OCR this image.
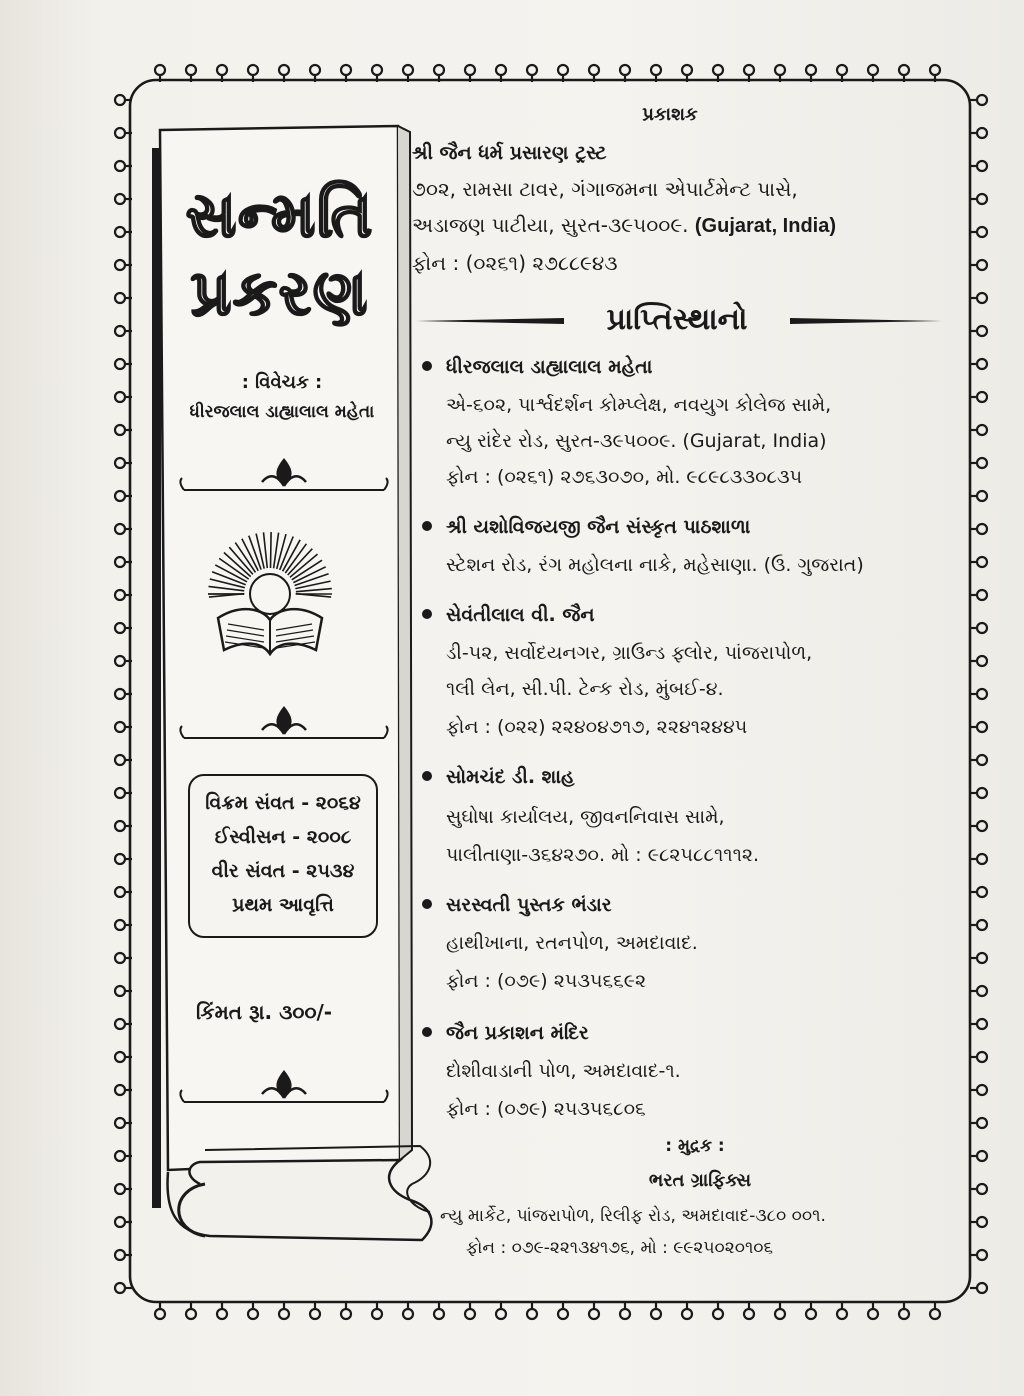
સન્મતિ
પ્રકરણ
: વિવેચક :
ધીરજલાલ ડાહ્યાલાલ મહેતા
વિક્રમ સંવત - ૨૦૬૪
ઈસ્વીસન - ૨૦૦૮
વીર સંવત - ૨૫૩૪
પ્રથમ આવૃત્તિ
કિંમત રૂા. ૩૦૦/-
પ્રકાશક
શ્રી જૈન ધર્મ પ્રસારણ ટ્રસ્ટ
૭૦૨, રામસા ટાવર, ગંગાજમના એપાર્ટમેન્ટ પાસે,
અડાજણ પાટીયા, સુરત-૩૯૫૦૦૯. (Gujarat, India)
ફોન : (૦૨૬૧) ૨૭૮૮૯૪૩
પ્રાપ્તિસ્થાનો
ધીરજલાલ ડાહ્યાલાલ મહેતા
એ-૬૦૨, પાર્શ્વદર્શન કોમ્પ્લેક્ષ, નવયુગ કોલેજ સામે,
ન્યુ રાંદેર રોડ, સુરત-૩૯૫૦૦૯. (Gujarat, India)
ફોન : (૦૨૬૧) ૨૭૬૩૦૭૦, મો. ૯૮૯૮૩૩૦૮૩૫
શ્રી યશોવિજયજી જૈન સંસ્કૃત પાઠશાળા
સ્ટેશન રોડ, રંગ મહોલના નાકે, મહેસાણા. (ઉ. ગુજરાત)
સેવંતીલાલ વી. જૈન
ડી-૫૨, સર્વોદયનગર, ગ્રાઉન્ડ ફ્લોર, પાંજરાપોળ,
૧લી લેન, સી.પી. ટેન્ક રોડ, મુંબઈ-૪.
ફોન : (૦૨૨) ૨૨૪૦૪૭૧૭, ૨૨૪૧૨૪૪૫
સોમચંદ ડી. શાહ
સુઘોષા કાર્યાલય, જીવનનિવાસ સામે,
પાલીતાણા-૩૬૪૨૭૦. મો : ૯૮૨૫૮૮૧૧૧૨.
સરસ્વતી પુસ્તક ભંડાર
હાથીખાના, રતનપોળ, અમદાવાદ.
ફોન : (૦૭૯) ૨૫૩૫૬૬૯૨
જૈન પ્રકાશન મંદિર
દોશીવાડાની પોળ, અમદાવાદ-૧.
ફોન : (૦૭૯) ૨૫૩૫૬૮૦૬
: મુદ્રક :
ભરત ગ્રાફિક્સ
ન્યુ માર્કેટ, પાંજરાપોળ, રિલીફ રોડ, અમદાવાદ-૩૮૦ ૦૦૧.
ફોન : ૦૭૯-૨૨૧૩૪૧૭૬, મો : ૯૯૨૫૦૨૦૧૦૬
